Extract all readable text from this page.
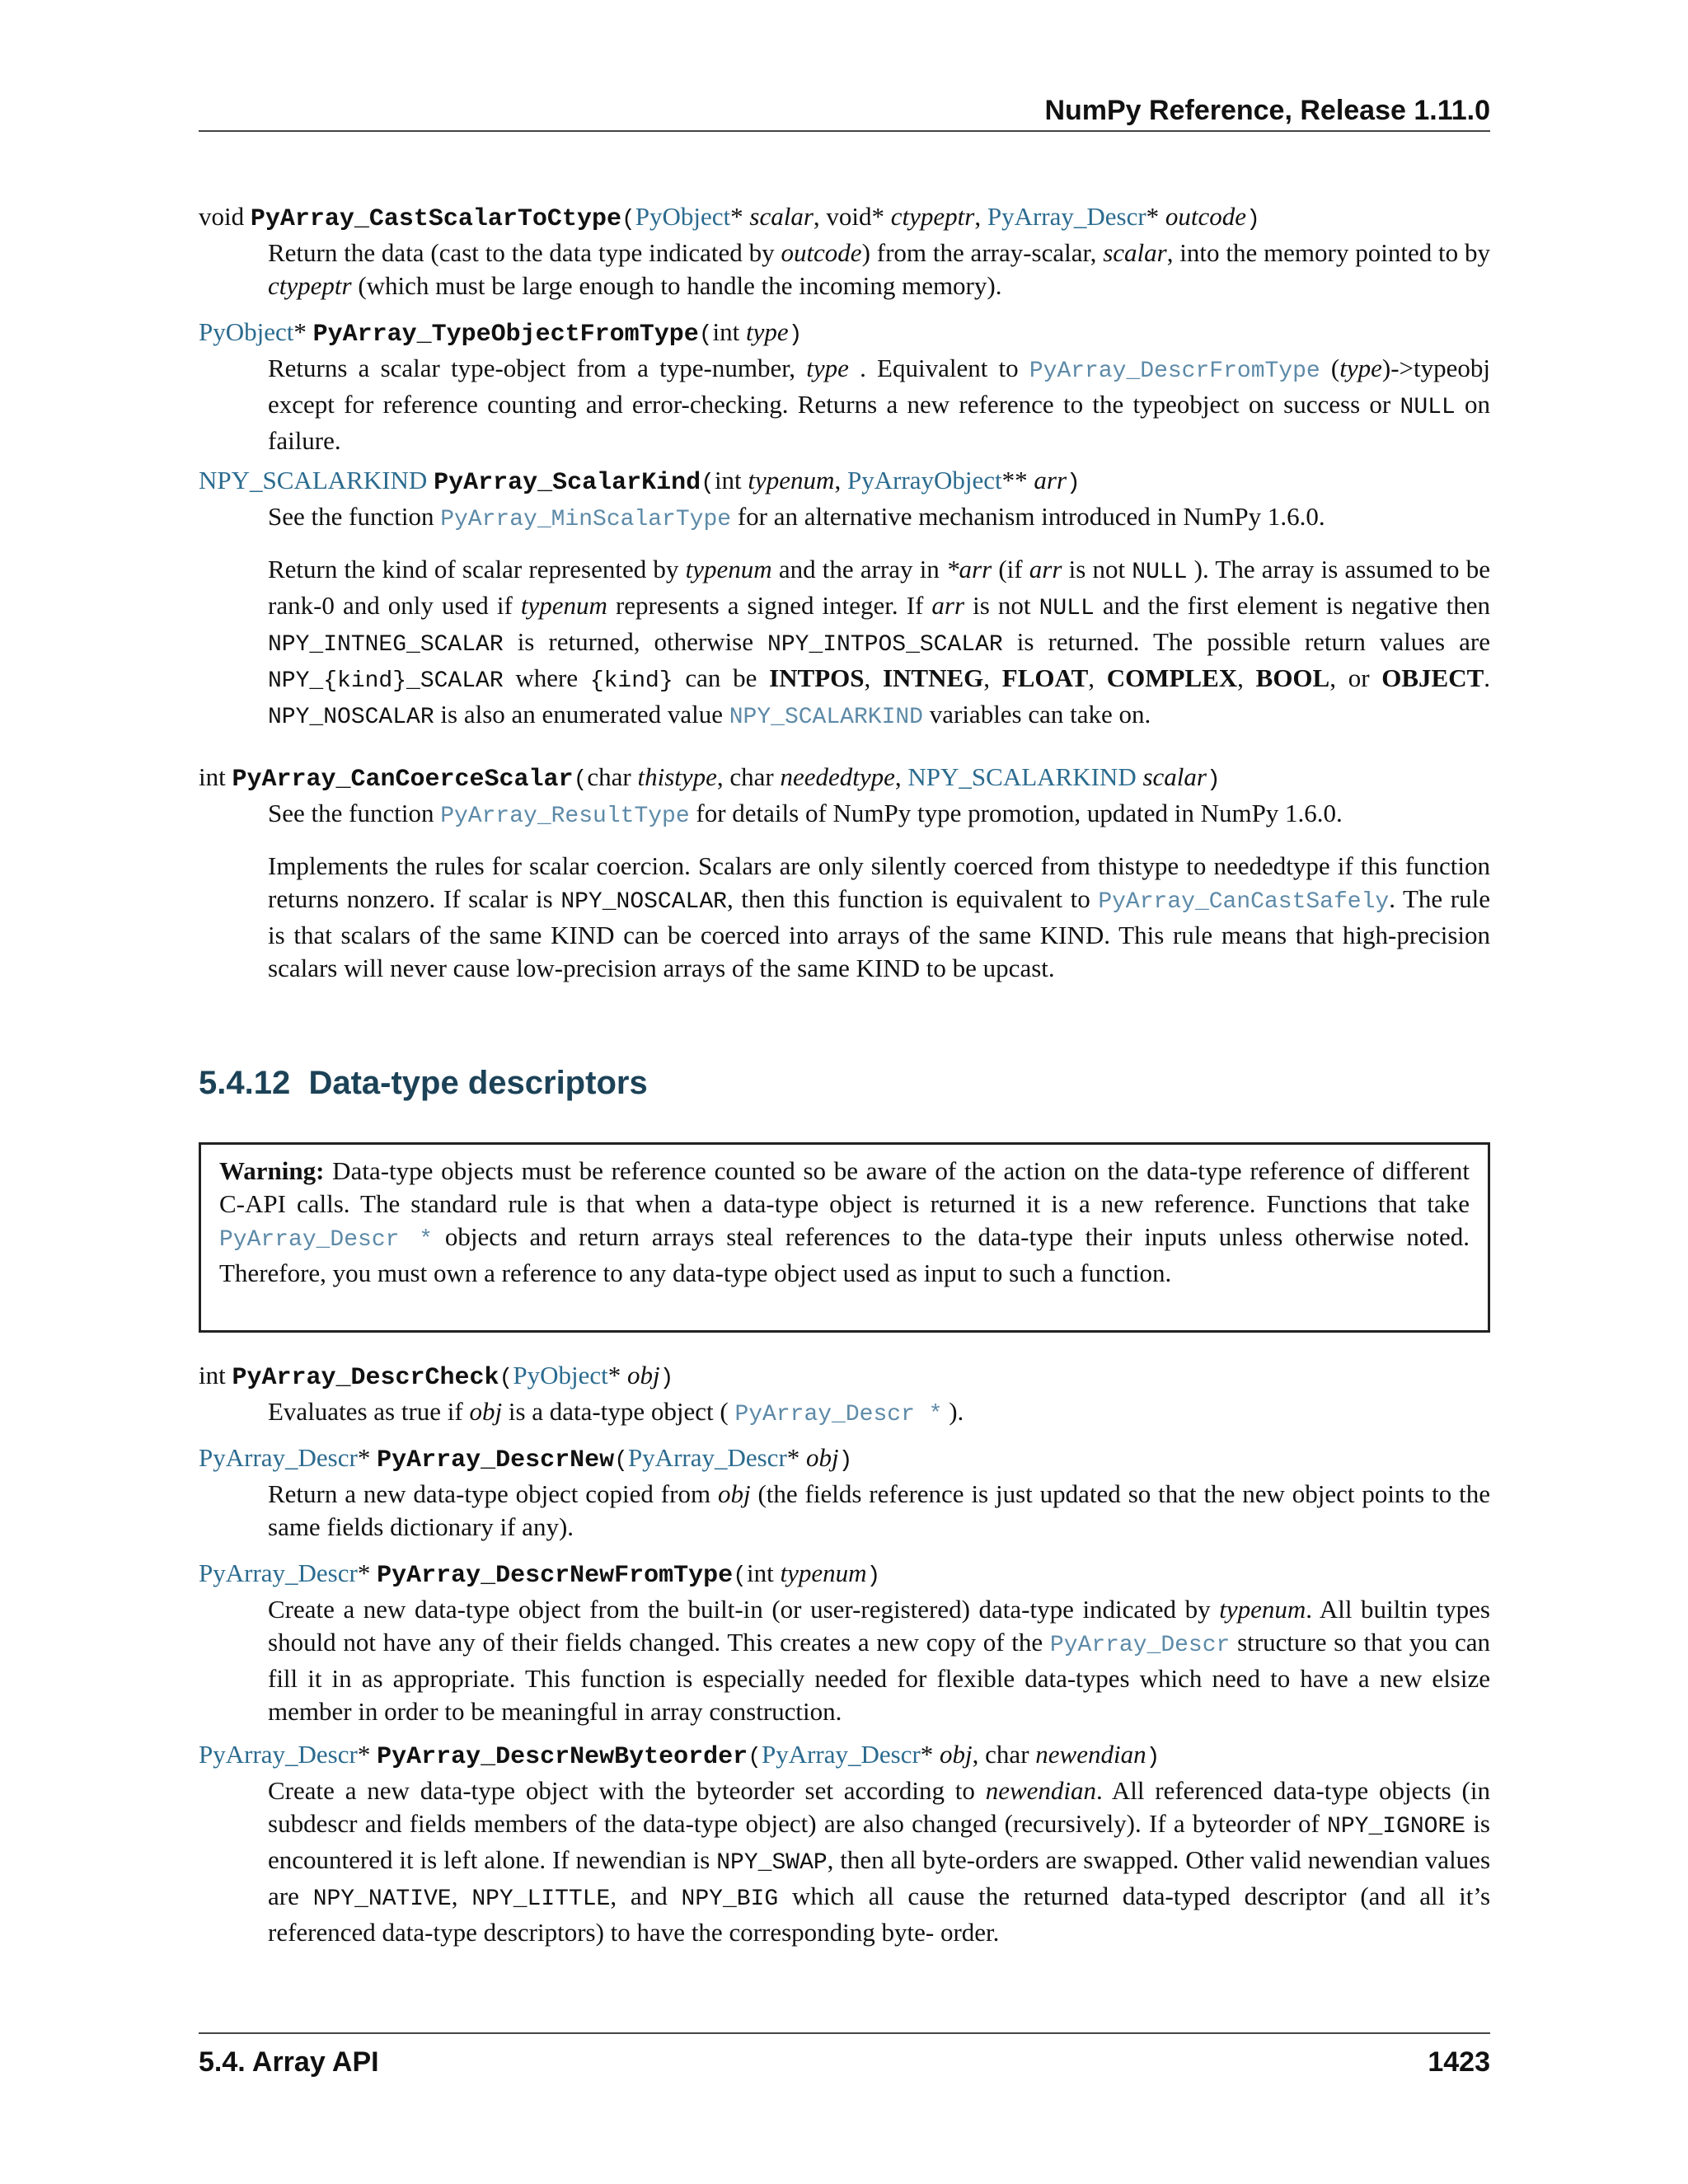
NumPy Reference, Release 1.11.0
void PyArray_CastScalarToCtype(PyObject* scalar, void* ctypeptr, PyArray_Descr* outcode)

Return the data (cast to the data type indicated by outcode) from the array-scalar, scalar, into the memory pointed to by ctypeptr (which must be large enough to handle the incoming memory).

PyObject* PyArray_TypeObjectFromType(int type)

Returns a scalar type-object from a type-number, type . Equivalent to PyArray_DescrFromType (type)->typeobj except for reference counting and error-checking. Returns a new reference to the typeobject on success or NULL on failure.

NPY_SCALARKIND PyArray_ScalarKind(int typenum, PyArrayObject** arr)

See the function PyArray_MinScalarType for an alternative mechanism introduced in NumPy 1.6.0.

Return the kind of scalar represented by typenum and the array in *arr (if arr is not NULL ). The array is assumed to be rank-0 and only used if typenum represents a signed integer. If arr is not NULL and the first element is negative then NPY_INTNEG_SCALAR is returned, otherwise NPY_INTPOS_SCALAR is returned. The possible return values are NPY_{kind}_SCALAR where {kind} can be INTPOS, INTNEG, FLOAT, COMPLEX, BOOL, or OBJECT. NPY_NOSCALAR is also an enumerated value NPY_SCALARKIND variables can take on.

int PyArray_CanCoerceScalar(char thistype, char neededtype, NPY_SCALARKIND scalar)

See the function PyArray_ResultType for details of NumPy type promotion, updated in NumPy 1.6.0.

Implements the rules for scalar coercion. Scalars are only silently coerced from thistype to neededtype if this function returns nonzero. If scalar is NPY_NOSCALAR, then this function is equivalent to PyArray_CanCastSafely. The rule is that scalars of the same KIND can be coerced into arrays of the same KIND. This rule means that high-precision scalars will never cause low-precision arrays of the same KIND to be upcast.

5.4.12 Data-type descriptors
Warning: Data-type objects must be reference counted so be aware of the action on the data-type reference of different C-API calls. The standard rule is that when a data-type object is returned it is a new reference. Functions that take PyArray_Descr * objects and return arrays steal references to the data-type their inputs unless otherwise noted. Therefore, you must own a reference to any data-type object used as input to such a function.
int PyArray_DescrCheck(PyObject* obj)

Evaluates as true if obj is a data-type object ( PyArray_Descr * ).

PyArray_Descr* PyArray_DescrNew(PyArray_Descr* obj)

Return a new data-type object copied from obj (the fields reference is just updated so that the new object points to the same fields dictionary if any).

PyArray_Descr* PyArray_DescrNewFromType(int typenum)

Create a new data-type object from the built-in (or user-registered) data-type indicated by typenum. All builtin types should not have any of their fields changed. This creates a new copy of the PyArray_Descr structure so that you can fill it in as appropriate. This function is especially needed for flexible data-types which need to have a new elsize member in order to be meaningful in array construction.

PyArray_Descr* PyArray_DescrNewByteorder(PyArray_Descr* obj, char newendian)

Create a new data-type object with the byteorder set according to newendian. All referenced data-type objects (in subdescr and fields members of the data-type object) are also changed (recursively). If a byteorder of NPY_IGNORE is encountered it is left alone. If newendian is NPY_SWAP, then all byte-orders are swapped. Other valid newendian values are NPY_NATIVE, NPY_LITTLE, and NPY_BIG which all cause the returned data-typed descriptor (and all it’s referenced data-type descriptors) to have the corresponding byte- order.

5.4. Array API	1423
